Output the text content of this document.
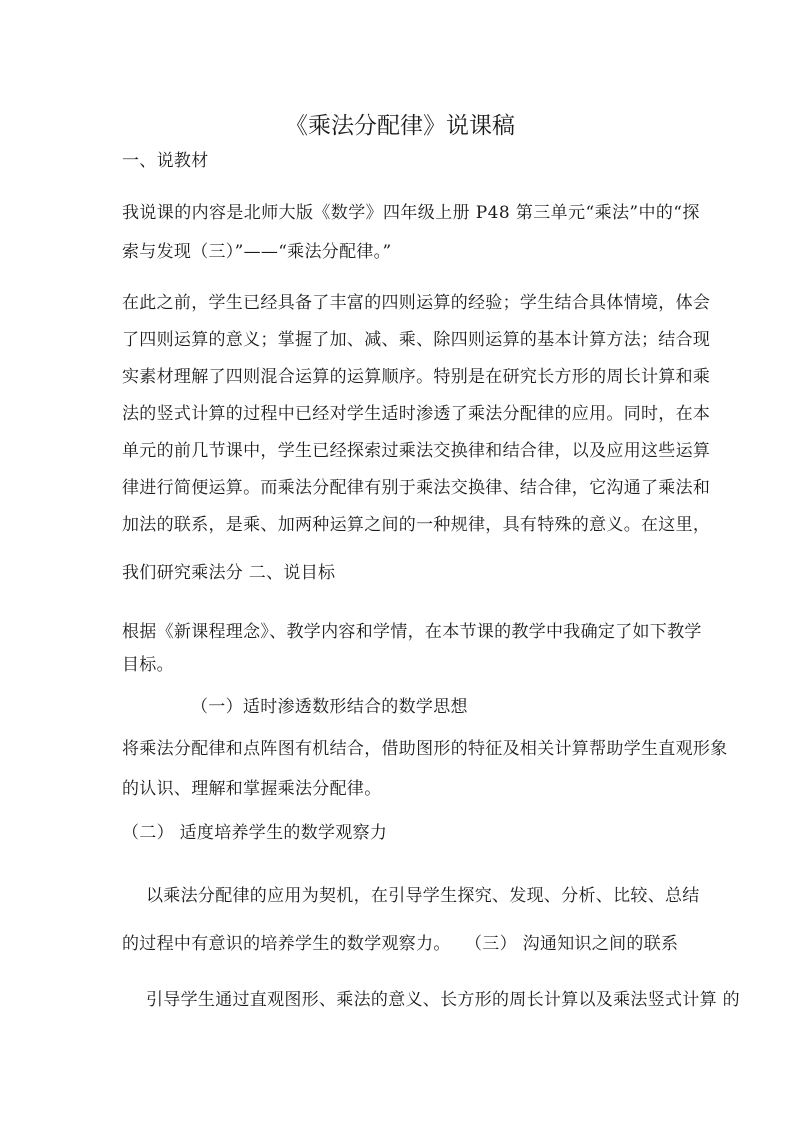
《乘法分配律》说课稿
一、说教材
我说课的内容是北师大版《数学》四年级上册 P48 第三单元“乘法”中的“探
索与发现（三）”——“乘法分配律。”
在此之前，学生已经具备了丰富的四则运算的经验；学生结合具体情境，体会
了四则运算的意义；掌握了加、减、乘、除四则运算的基本计算方法；结合现
实素材理解了四则混合运算的运算顺序。特别是在研究长方形的周长计算和乘
法的竖式计算的过程中已经对学生适时渗透了乘法分配律的应用。同时，在本
单元的前几节课中，学生已经探索过乘法交换律和结合律，以及应用这些运算
律进行简便运算。而乘法分配律有别于乘法交换律、结合律，它沟通了乘法和
加法的联系，是乘、加两种运算之间的一种规律，具有特殊的意义。在这里，
我们研究乘法分 二、说目标
根据《新课程理念》、教学内容和学情，在本节课的教学中我确定了如下教学
目标。
（一）适时渗透数形结合的数学思想
将乘法分配律和点阵图有机结合，借助图形的特征及相关计算帮助学生直观形象
的认识、理解和掌握乘法分配律。
（二） 适度培养学生的数学观察力
以乘法分配律的应用为契机，在引导学生探究、发现、分析、比较、总结
的过程中有意识的培养学生的数学观察力。 （三） 沟通知识之间的联系
引导学生通过直观图形、乘法的意义、长方形的周长计算以及乘法竖式计算 的
